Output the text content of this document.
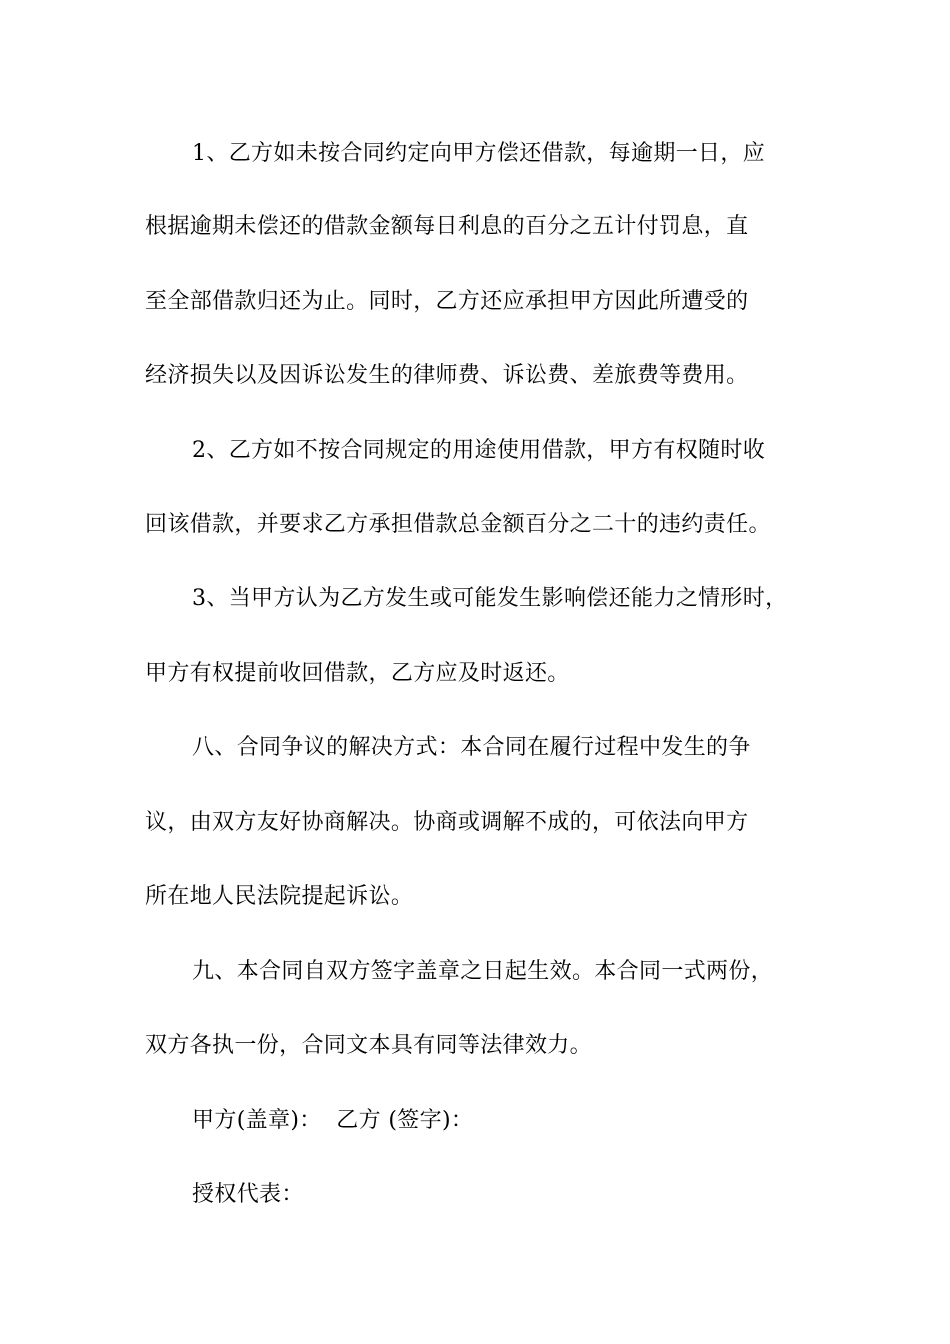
1、乙方如未按合同约定向甲方偿还借款，每逾期一日，应
根据逾期未偿还的借款金额每日利息的百分之五计付罚息，直
至全部借款归还为止。同时，乙方还应承担甲方因此所遭受的
经济损失以及因诉讼发生的律师费、诉讼费、差旅费等费用。
2、乙方如不按合同规定的用途使用借款，甲方有权随时收
回该借款，并要求乙方承担借款总金额百分之二十的违约责任。
3、当甲方认为乙方发生或可能发生影响偿还能力之情形时，
甲方有权提前收回借款，乙方应及时返还。
八、合同争议的解决方式：本合同在履行过程中发生的争
议，由双方友好协商解决。协商或调解不成的，可依法向甲方
所在地人民法院提起诉讼。
九、本合同自双方签字盖章之日起生效。本合同一式两份，
双方各执一份，合同文本具有同等法律效力。
甲方(盖章)：  乙方 (签字)：
授权代表：
